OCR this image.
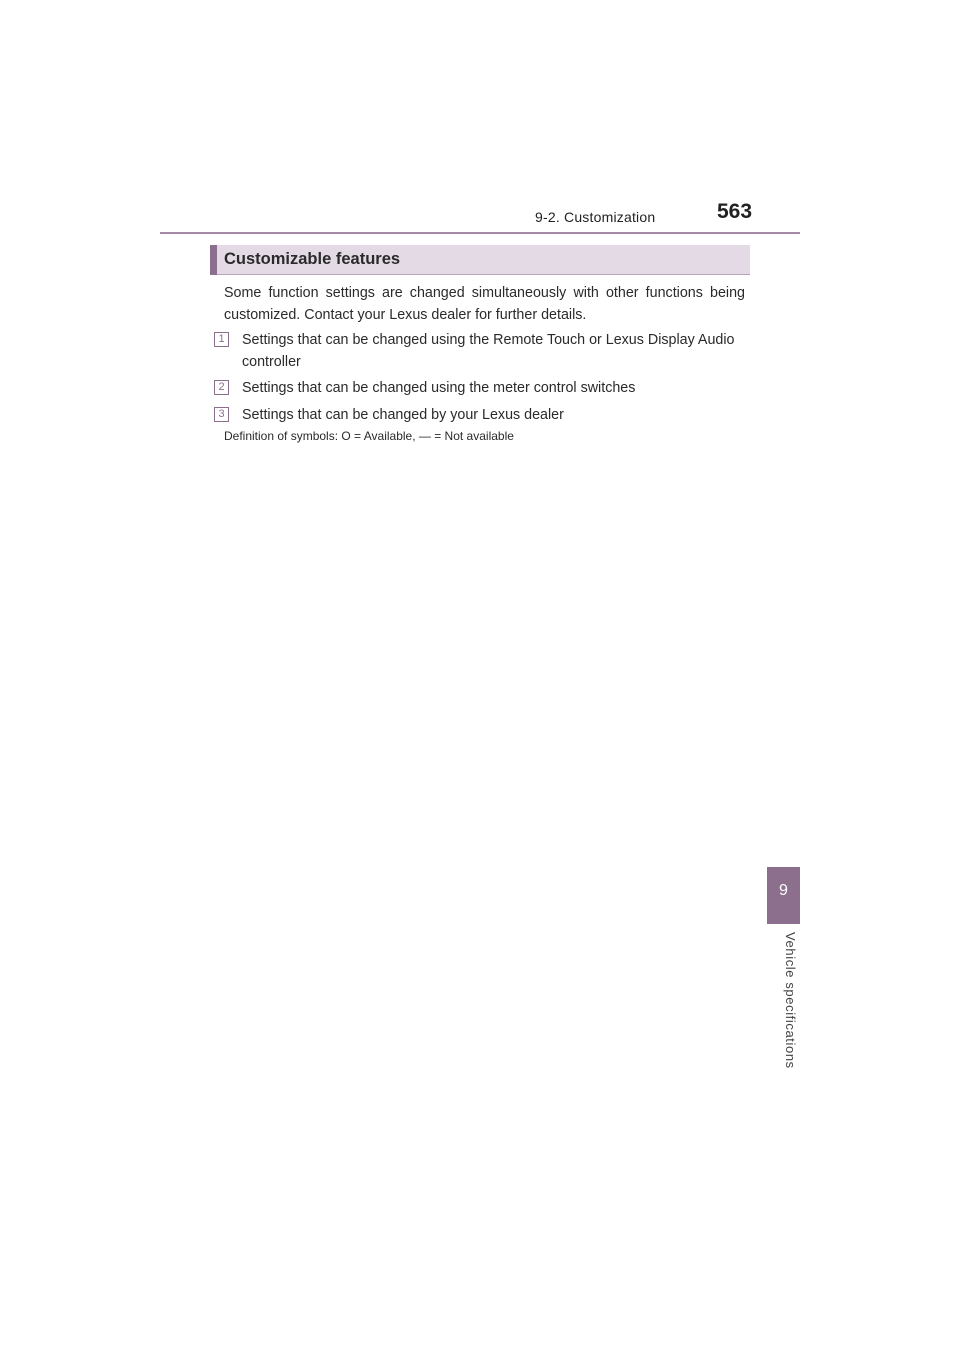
9-2. Customization	563
Customizable features
Some function settings are changed simultaneously with other functions being customized. Contact your Lexus dealer for further details.
1	Settings that can be changed using the Remote Touch or Lexus Display Audio controller
2	Settings that can be changed using the meter control switches
3	Settings that can be changed by your Lexus dealer
Definition of symbols: O = Available, — = Not available
9
Vehicle specifications
